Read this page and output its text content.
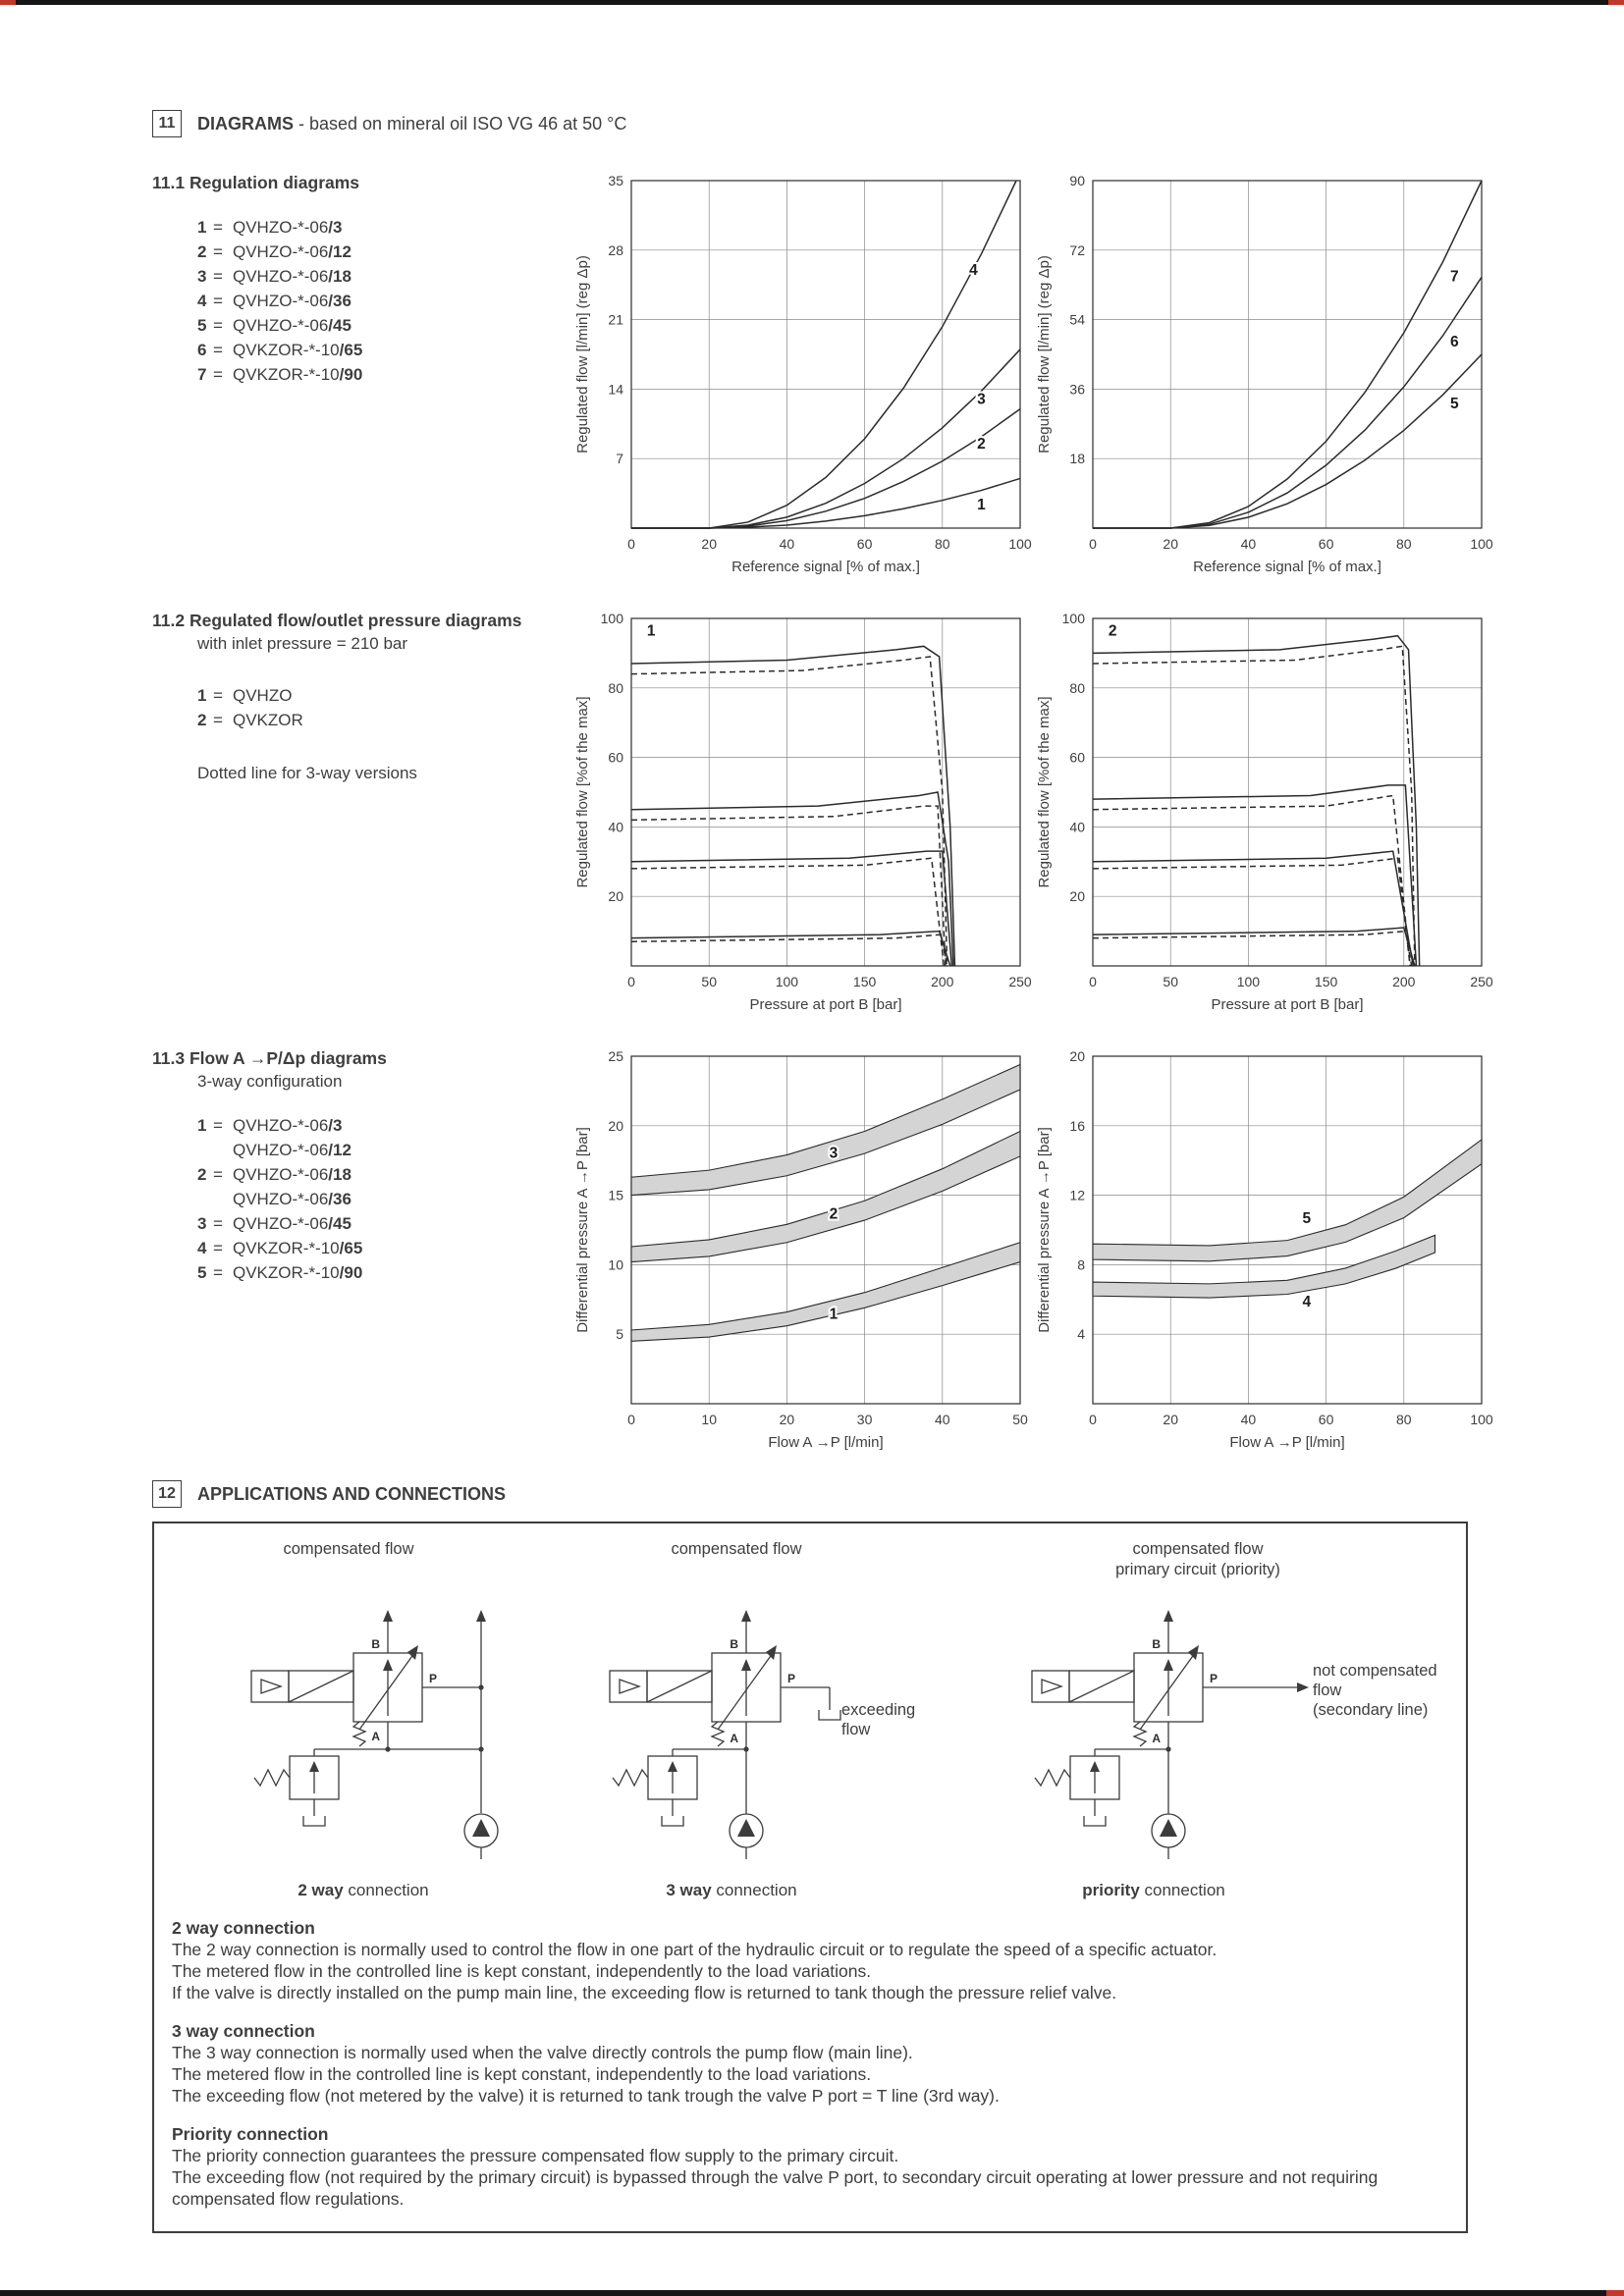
11	DIAGRAMS - based on mineral oil ISO VG 46 at 50 °C
11.1 Regulation diagrams
1 = QVHZO-*-06/3
2 = QVHZO-*-06/12
3 = QVHZO-*-06/18
4 = QVHZO-*-06/36
5 = QVHZO-*-06/45
6 = QVKZOR-*-10/65
7 = QVKZOR-*-10/90
0	20	40	60	80	100
7
14
21
28
35
Reference signal [% of max.]
Regulated flow [l/min] (reg Δp)
1
2
3
4
0	20	40	60	80	100
18
36
54
72
90
Reference signal [% of max.]
Regulated flow [l/min] (reg Δp)	5
6
7
11.2 Regulated flow/outlet pressure diagrams
with inlet pressure = 210 bar
1 = QVHZO
2 = QVKZOR
Dotted line for 3-way versions
0	50	100	150	200	250
20
40
60
80
100
Pressure at port B [bar]
Regulated flow [%of the max]
1
0	50	100	150	200	250
20
40
60
80
100
Pressure at port B [bar]
Regulated flow [%of the max]
2
11.3 Flow A →P/Δp diagrams
3-way configuration
1 = QVHZO-*-06/3
QVHZO-*-06/12
2 = QVHZO-*-06/18
QVHZO-*-06/36
3 = QVHZO-*-06/45
4 = QVKZOR-*-10/65
5 = QVKZOR-*-10/90
0	10	20	30	40	50
5
10
15
20
25
Flow A →P [l/min]
Differential pressure A →P [bar]	1
2
3
0	20	40	60	80	100
4
8
12
16
20
Flow A →P [l/min]
Differential pressure A →P [bar]	4
5
12	APPLICATIONS AND CONNECTIONS
compensated flow
B
A
P
2 way connection
compensated flow
B
A
P
exceeding flow
3 way connection
compensated flow
primary circuit (priority)
B
A
P	not compensated flow
(secondary line)
priority connection
2 way connection
The 2 way connection is normally used to control the flow in one part of the hydraulic circuit or to regulate the speed of a specific actuator.
The metered flow in the controlled line is kept constant, independently to the load variations.
If the valve is directly installed on the pump main line, the exceeding flow is returned to tank though the pressure relief valve.
3 way connection
The 3 way connection is normally used when the valve directly controls the pump flow (main line).
The metered flow in the controlled line is kept constant, independently to the load variations.
The exceeding flow (not metered by the valve) it is returned to tank trough the valve P port = T line (3rd way).
Priority connection
The priority connection guarantees the pressure compensated flow supply to the primary circuit.
The exceeding flow (not required by the primary circuit) is bypassed through the valve P port, to secondary circuit operating at lower pressure and not requiring compensated flow regulations.
